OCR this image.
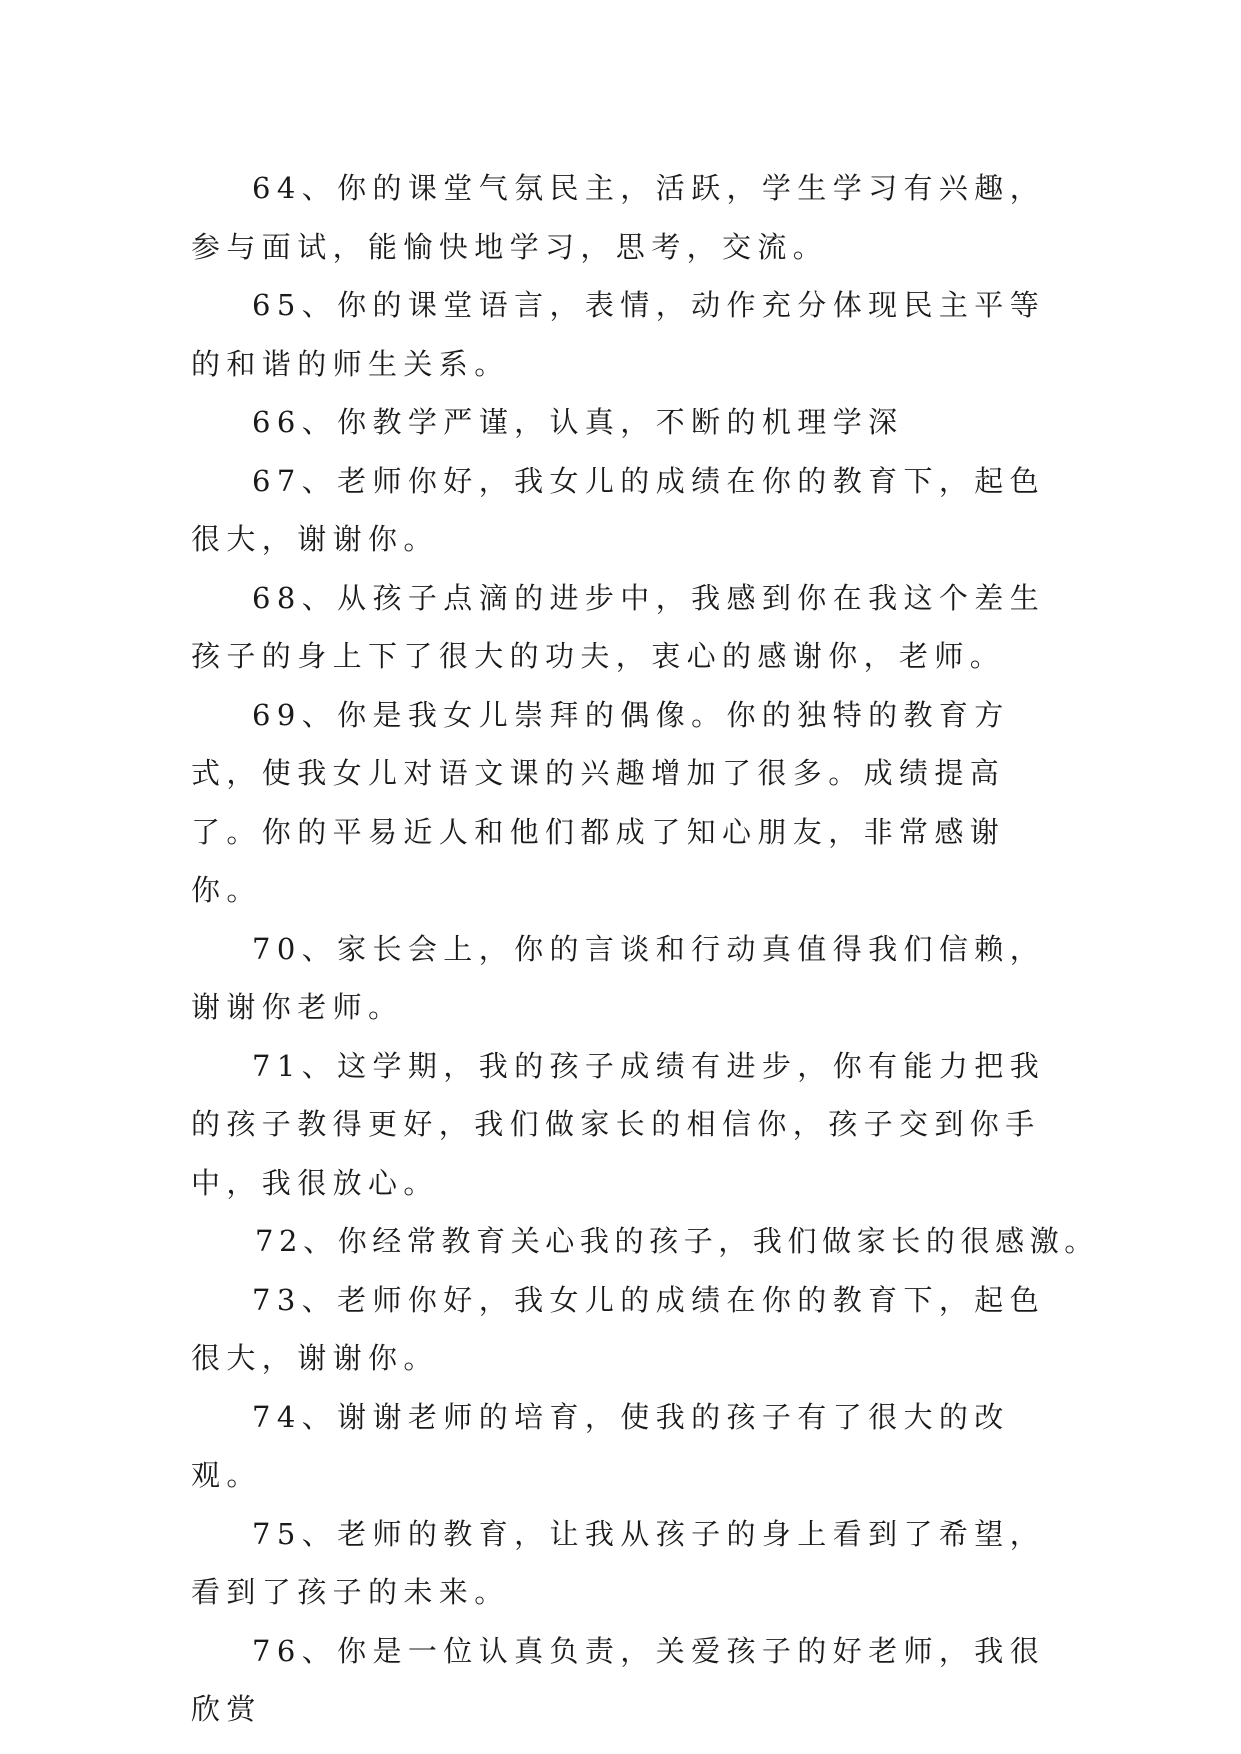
64、你的课堂气氛民主，活跃，学生学习有兴趣，参与面试，能愉快地学习，思考，交流。

65、你的课堂语言，表情，动作充分体现民主平等的和谐的师生关系。

66、你教学严谨，认真，不断的机理学深

67、老师你好，我女儿的成绩在你的教育下，起色很大，谢谢你。

68、从孩子点滴的进步中，我感到你在我这个差生孩子的身上下了很大的功夫，衷心的感谢你，老师。

69、你是我女儿崇拜的偶像。你的独特的教育方式，使我女儿对语文课的兴趣增加了很多。成绩提高了。你的平易近人和他们都成了知心朋友，非常感谢你。

70、家长会上，你的言谈和行动真值得我们信赖，谢谢你老师。

71、这学期，我的孩子成绩有进步，你有能力把我的孩子教得更好，我们做家长的相信你，孩子交到你手中，我很放心。

72、你经常教育关心我的孩子，我们做家长的很感激。

73、老师你好，我女儿的成绩在你的教育下，起色很大，谢谢你。

74、谢谢老师的培育，使我的孩子有了很大的改观。

75、老师的教育，让我从孩子的身上看到了希望，看到了孩子的未来。

76、你是一位认真负责，关爱孩子的好老师，我很欣赏
